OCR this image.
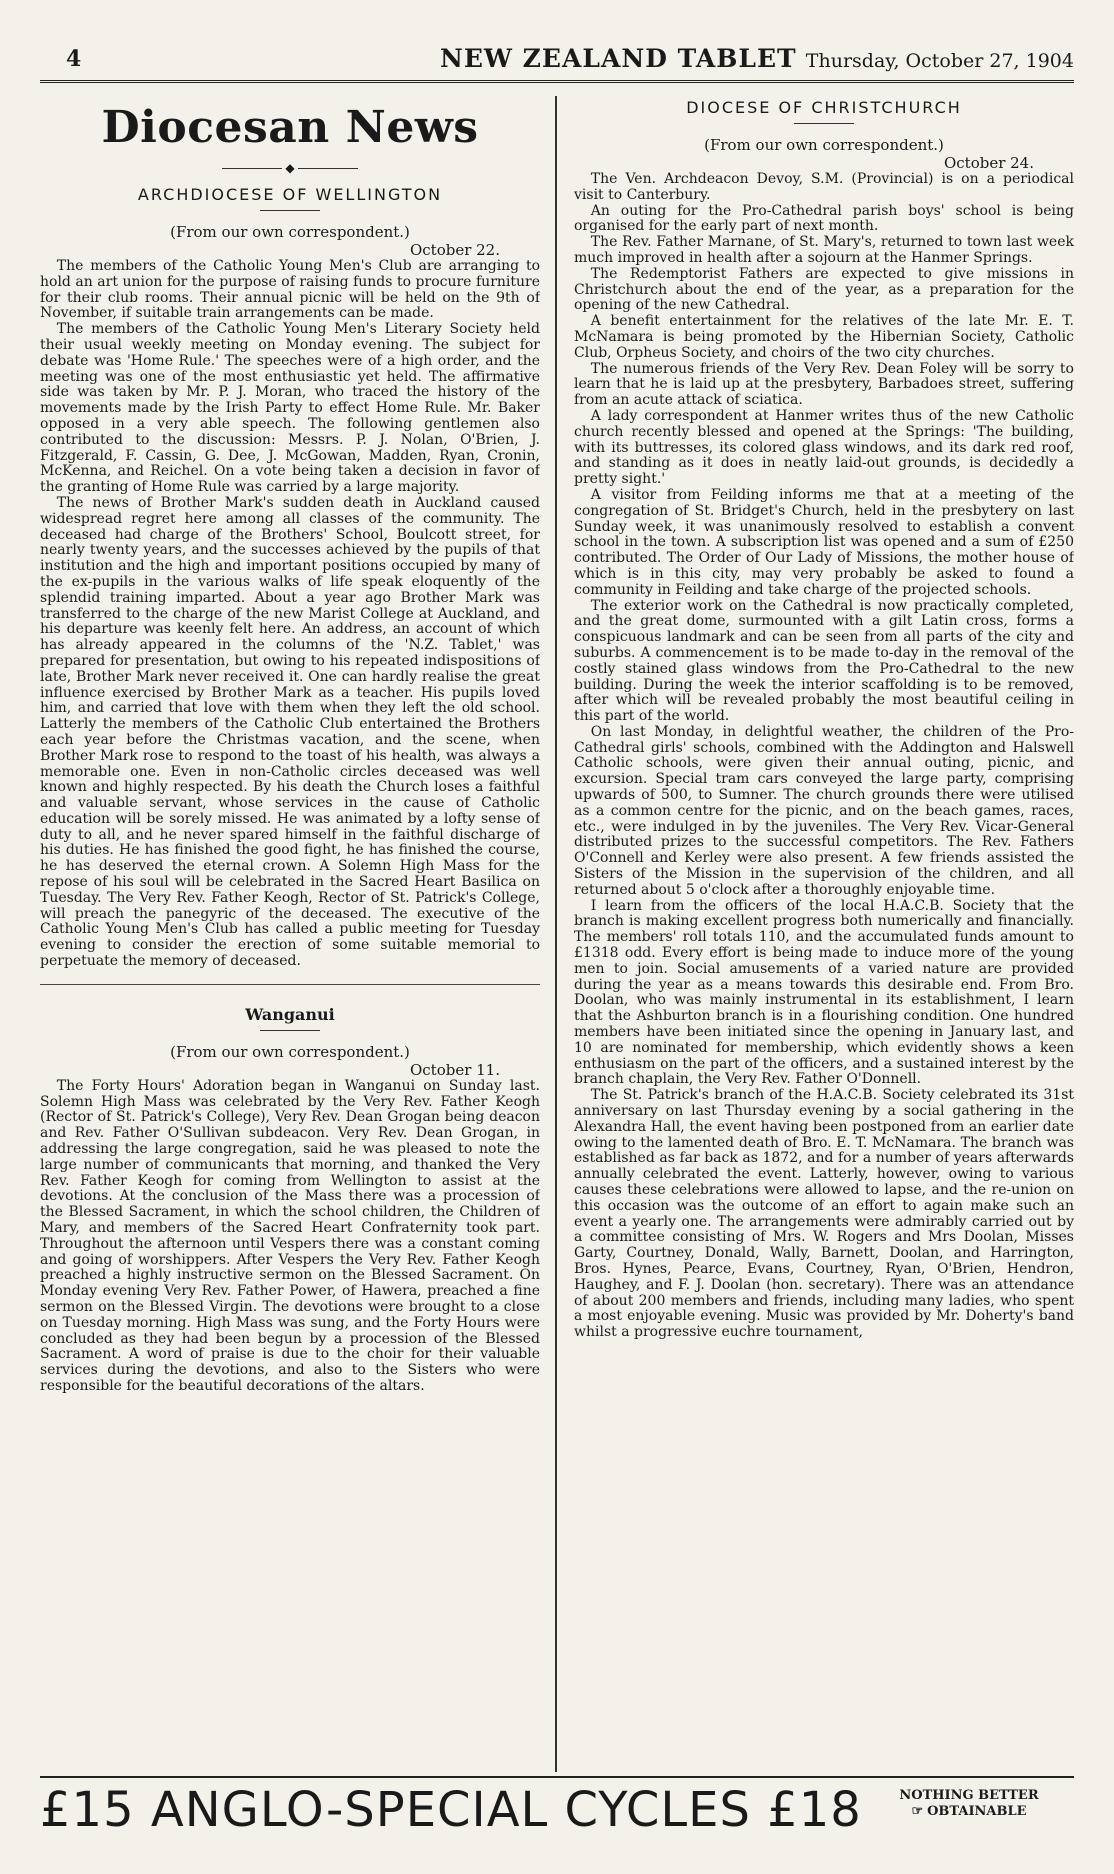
4	NEW ZEALAND TABLET Thursday, October 27, 1904
Diocesan News
◆
ARCHDIOCESE OF WELLINGTON
(From our own correspondent.)
October 22.

The members of the Catholic Young Men's Club are arranging to hold an art union for the purpose of raising funds to procure furniture for their club rooms. Their annual picnic will be held on the 9th of November, if suitable train arrangements can be made.

The members of the Catholic Young Men's Literary Society held their usual weekly meeting on Monday evening. The subject for debate was 'Home Rule.' The speeches were of a high order, and the meeting was one of the most enthusiastic yet held. The affirmative side was taken by Mr. P. J. Moran, who traced the history of the movements made by the Irish Party to effect Home Rule. Mr. Baker opposed in a very able speech. The following gentlemen also contributed to the discussion: Messrs. P. J. Nolan, O'Brien, J. Fitzgerald, F. Cassin, G. Dee, J. McGowan, Madden, Ryan, Cronin, McKenna, and Reichel. On a vote being taken a decision in favor of the granting of Home Rule was carried by a large majority.

The news of Brother Mark's sudden death in Auckland caused widespread regret here among all classes of the community. The deceased had charge of the Brothers' School, Boulcott street, for nearly twenty years, and the successes achieved by the pupils of that institution and the high and important positions occupied by many of the ex-pupils in the various walks of life speak eloquently of the splendid training imparted. About a year ago Brother Mark was transferred to the charge of the new Marist College at Auckland, and his departure was keenly felt here. An address, an account of which has already appeared in the columns of the 'N.Z. Tablet,' was prepared for presentation, but owing to his repeated indispositions of late, Brother Mark never received it. One can hardly realise the great influence exercised by Brother Mark as a teacher. His pupils loved him, and carried that love with them when they left the old school. Latterly the members of the Catholic Club entertained the Brothers each year before the Christmas vacation, and the scene, when Brother Mark rose to respond to the toast of his health, was always a memorable one. Even in non-Catholic circles deceased was well known and highly respected. By his death the Church loses a faithful and valuable servant, whose services in the cause of Catholic education will be sorely missed. He was animated by a lofty sense of duty to all, and he never spared himself in the faithful discharge of his duties. He has finished the good fight, he has finished the course, he has deserved the eternal crown. A Solemn High Mass for the repose of his soul will be celebrated in the Sacred Heart Basilica on Tuesday. The Very Rev. Father Keogh, Rector of St. Patrick's College, will preach the panegyric of the deceased. The executive of the Catholic Young Men's Club has called a public meeting for Tuesday evening to consider the erection of some suitable memorial to perpetuate the memory of deceased.

Wanganui
(From our own correspondent.)
October 11.

The Forty Hours' Adoration began in Wanganui on Sunday last. Solemn High Mass was celebrated by the Very Rev. Father Keogh (Rector of St. Patrick's College), Very Rev. Dean Grogan being deacon and Rev. Father O'Sullivan subdeacon. Very Rev. Dean Grogan, in addressing the large congregation, said he was pleased to note the large number of communicants that morning, and thanked the Very Rev. Father Keogh for coming from Wellington to assist at the devotions. At the conclusion of the Mass there was a procession of the Blessed Sacrament, in which the school children, the Children of Mary, and members of the Sacred Heart Confraternity took part. Throughout the afternoon until Vespers there was a constant coming and going of worshippers. After Vespers the Very Rev. Father Keogh preached a highly instructive sermon on the Blessed Sacrament. On Monday evening Very Rev. Father Power, of Hawera, preached a fine sermon on the Blessed Virgin. The devotions were brought to a close on Tuesday morning. High Mass was sung, and the Forty Hours were concluded as they had been begun by a procession of the Blessed Sacrament. A word of praise is due to the choir for their valuable services during the devotions, and also to the Sisters who were responsible for the beautiful decorations of the altars.

DIOCESE OF CHRISTCHURCH
(From our own correspondent.)
October 24.

The Ven. Archdeacon Devoy, S.M. (Provincial) is on a periodical visit to Canterbury.

An outing for the Pro-Cathedral parish boys' school is being organised for the early part of next month.

The Rev. Father Marnane, of St. Mary's, returned to town last week much improved in health after a sojourn at the Hanmer Springs.

The Redemptorist Fathers are expected to give missions in Christchurch about the end of the year, as a preparation for the opening of the new Cathedral.

A benefit entertainment for the relatives of the late Mr. E. T. McNamara is being promoted by the Hibernian Society, Catholic Club, Orpheus Society, and choirs of the two city churches.

The numerous friends of the Very Rev. Dean Foley will be sorry to learn that he is laid up at the presbytery, Barbadoes street, suffering from an acute attack of sciatica.

A lady correspondent at Hanmer writes thus of the new Catholic church recently blessed and opened at the Springs: 'The building, with its buttresses, its colored glass windows, and its dark red roof, and standing as it does in neatly laid-out grounds, is decidedly a pretty sight.'

A visitor from Feilding informs me that at a meeting of the congregation of St. Bridget's Church, held in the presbytery on last Sunday week, it was unanimously resolved to establish a convent school in the town. A subscription list was opened and a sum of £250 contributed. The Order of Our Lady of Missions, the mother house of which is in this city, may very probably be asked to found a community in Feilding and take charge of the projected schools.

The exterior work on the Cathedral is now practically completed, and the great dome, surmounted with a gilt Latin cross, forms a conspicuous landmark and can be seen from all parts of the city and suburbs. A commencement is to be made to-day in the removal of the costly stained glass windows from the Pro-Cathedral to the new building. During the week the interior scaffolding is to be removed, after which will be revealed probably the most beautiful ceiling in this part of the world.

On last Monday, in delightful weather, the children of the Pro-Cathedral girls' schools, combined with the Addington and Halswell Catholic schools, were given their annual outing, picnic, and excursion. Special tram cars conveyed the large party, comprising upwards of 500, to Sumner. The church grounds there were utilised as a common centre for the picnic, and on the beach games, races, etc., were indulged in by the juveniles. The Very Rev. Vicar-General distributed prizes to the successful competitors. The Rev. Fathers O'Connell and Kerley were also present. A few friends assisted the Sisters of the Mission in the supervision of the children, and all returned about 5 o'clock after a thoroughly enjoyable time.

I learn from the officers of the local H.A.C.B. Society that the branch is making excellent progress both numerically and financially. The members' roll totals 110, and the accumulated funds amount to £1318 odd. Every effort is being made to induce more of the young men to join. Social amusements of a varied nature are provided during the year as a means towards this desirable end. From Bro. Doolan, who was mainly instrumental in its establishment, I learn that the Ashburton branch is in a flourishing condition. One hundred members have been initiated since the opening in January last, and 10 are nominated for membership, which evidently shows a keen enthusiasm on the part of the officers, and a sustained interest by the branch chaplain, the Very Rev. Father O'Donnell.

The St. Patrick's branch of the H.A.C.B. Society celebrated its 31st anniversary on last Thursday evening by a social gathering in the Alexandra Hall, the event having been postponed from an earlier date owing to the lamented death of Bro. E. T. McNamara. The branch was established as far back as 1872, and for a number of years afterwards annually celebrated the event. Latterly, however, owing to various causes these celebrations were allowed to lapse, and the re-union on this occasion was the outcome of an effort to again make such an event a yearly one. The arrangements were admirably carried out by a committee consisting of Mrs. W. Rogers and Mrs Doolan, Misses Garty, Courtney, Donald, Wally, Barnett, Doolan, and Harrington, Bros. Hynes, Pearce, Evans, Courtney, Ryan, O'Brien, Hendron, Haughey, and F. J. Doolan (hon. secretary). There was an attendance of about 200 members and friends, including many ladies, who spent a most enjoyable evening. Music was provided by Mr. Doherty's band whilst a progressive euchre tournament,

£15 ANGLO-SPECIAL CYCLES £18	NOTHING BETTER
☞ OBTAINABLE
